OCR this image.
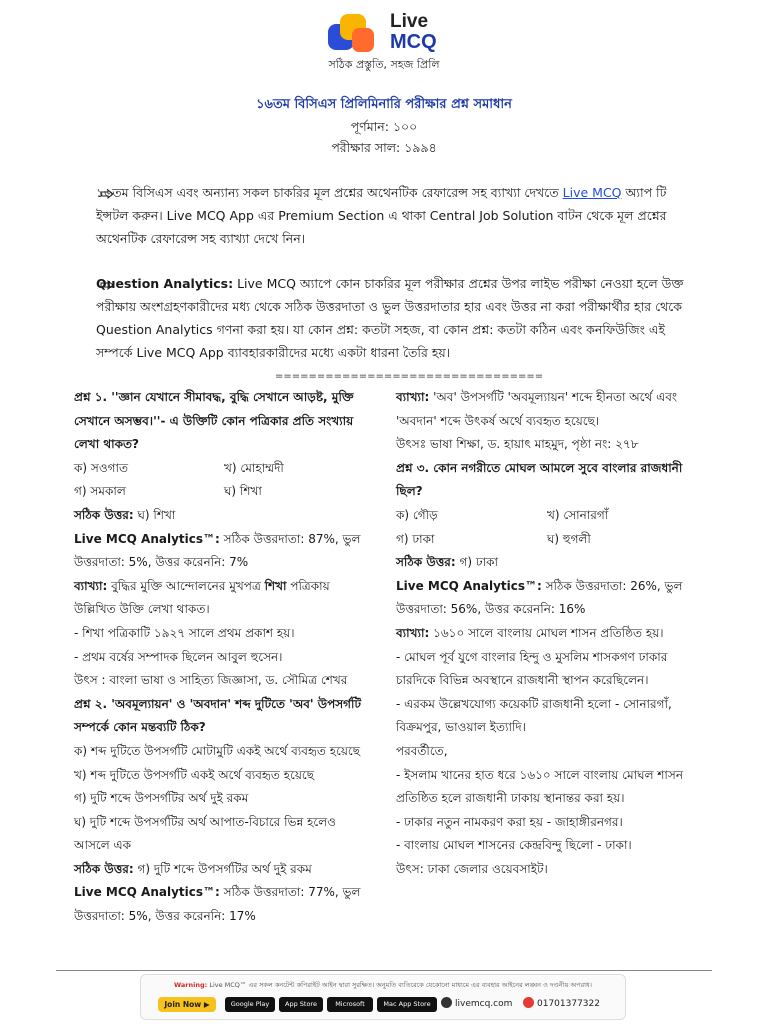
Live
MCQ
সঠিক প্রস্তুতি, সহজ প্রিলি
১৬তম বিসিএস প্রিলিমিনারি পরীক্ষার প্রশ্ন সমাধান
পূর্ণমান: ১০০
পরীক্ষার সাল: ১৯৯৪
১৬তম বিসিএস এবং অন্যান্য সকল চাকরির মূল প্রশ্নের অথেনটিক রেফারেন্স সহ ব্যাখ্যা দেখতে Live MCQ অ্যাপ টি ইন্সটল করুন। Live MCQ App এর Premium Section এ থাকা Central Job Solution বাটন থেকে মূল প্রশ্নের অথেনটিক রেফারেন্স সহ ব্যাখ্যা দেখে নিন।
Question Analytics: Live MCQ অ্যাপে কোন চাকরির মূল পরীক্ষার প্রশ্নের উপর লাইভ পরীক্ষা নেওয়া হলে উক্ত পরীক্ষায় অংশগ্রহণকারীদের মধ্য থেকে সঠিক উত্তরদাতা ও ভুল উত্তরদাতার হার এবং উত্তর না করা পরীক্ষার্থীর হার থেকে Question Analytics গণনা করা হয়। যা কোন প্রশ্ন: কতটা সহজ, বা কোন প্রশ্ন: কতটা কঠিন এবং কনফিউজিং এই সম্পর্কে Live MCQ App ব্যাবহারকারীদের মধ্যে একটা ধারনা তৈরি হয়।
================================
প্রশ্ন ১. ''জ্ঞান যেখানে সীমাবদ্ধ, বুদ্ধি সেখানে আড়ষ্ট, মুক্তি সেখানে অসম্ভব।''- এ উক্তিটি কোন পত্রিকার প্রতি সংখ্যায় লেখা থাকত?
ক) সওগাত	খ) মোহাম্মদী
গ) সমকাল	ঘ) শিখা
সঠিক উত্তর: ঘ) শিখা
Live MCQ Analytics™: সঠিক উত্তরদাতা: 87%, ভুল উত্তরদাতা: 5%, উত্তর করেননি: 7%
ব্যাখ্যা: বুদ্ধির মুক্তি আন্দোলনের মুখপত্র শিখা পত্রিকায় উল্লিখিত উক্তি লেখা থাকত।
- শিখা পত্রিকাটি ১৯২৭ সালে প্রথম প্রকাশ হয়।
- প্রথম বর্ষের সম্পাদক ছিলেন আবুল হুসেন।
উৎস : বাংলা ভাষা ও সাহিত্য জিজ্ঞাসা, ড. সৌমিত্র শেখর
প্রশ্ন ২. 'অবমূল্যায়ন' ও 'অবদান' শব্দ দুটিতে 'অব' উপসর্গটি সম্পর্কে কোন মন্তব্যটি ঠিক?
ক) শব্দ দুটিতে উপসর্গটি মোটামুটি একই অর্থে ব্যবহৃত হয়েছে
খ) শব্দ দুটিতে উপসর্গটি একই অর্থে ব্যবহৃত হয়েছে
গ) দুটি শব্দে উপসর্গটির অর্থ দুই রকম
ঘ) দুটি শব্দে উপসর্গটির অর্থ আপাত-বিচারে ভিন্ন হলেও আসলে এক
সঠিক উত্তর: গ) দুটি শব্দে উপসর্গটির অর্থ দুই রকম
Live MCQ Analytics™: সঠিক উত্তরদাতা: 77%, ভুল উত্তরদাতা: 5%, উত্তর করেননি: 17%
ব্যাখ্যা: 'অব' উপসর্গটি 'অবমূল্যায়ন' শব্দে হীনতা অর্থে এবং 'অবদান' শব্দে উৎকর্ষ অর্থে ব্যবহৃত হয়েছে।
উৎসঃ ভাষা শিক্ষা, ড. হায়াৎ মাহমুদ, পৃষ্ঠা নং: ২৭৮
প্রশ্ন ৩. কোন নগরীতে মোঘল আমলে সুবে বাংলার রাজধানী ছিল?
ক) গৌড়	খ) সোনারগাঁ
গ) ঢাকা	ঘ) হুগলী
সঠিক উত্তর: গ) ঢাকা
Live MCQ Analytics™: সঠিক উত্তরদাতা: 26%, ভুল উত্তরদাতা: 56%, উত্তর করেননি: 16%
ব্যাখ্যা: ১৬১০ সালে বাংলায় মোঘল শাসন প্রতিষ্ঠিত হয়।
- মোঘল পূর্ব যুগে বাংলার হিন্দু ও মুসলিম শাসকগণ ঢাকার চারদিকে বিভিন্ন অবস্থানে রাজধানী স্থাপন করেছিলেন।
- এরকম উল্লেখযোগ্য কয়েকটি রাজধানী হলো - সোনারগাঁ, বিক্রমপুর, ভাওয়াল ইত্যাদি।
পরবর্তীতে,
- ইসলাম খানের হাত ধরে ১৬১০ সালে বাংলায় মোঘল শাসন প্রতিষ্ঠিত হলে রাজধানী ঢাকায় স্থানান্তর করা হয়।
- ঢাকার নতুন নামকরণ করা হয় - জাহাঙ্গীরনগর।
- বাংলায় মোঘল শাসনের কেন্দ্রবিন্দু ছিলো - ঢাকা।
উৎস: ঢাকা জেলার ওয়েবসাইট।
Warning: Live MCQ™ এর সকল কনটেন্ট কপিরাইট আইন দ্বারা সুরক্ষিত। অনুমতি ব্যতিরেকে যেকোনো মাধ্যমে এর ব্যবহার আইনের লঙ্ঘন ও দণ্ডনীয় অপরাধ।
Join Now ▶	Google Play	App Store	Microsoft	Mac App Store	livemcq.com	01701377322
